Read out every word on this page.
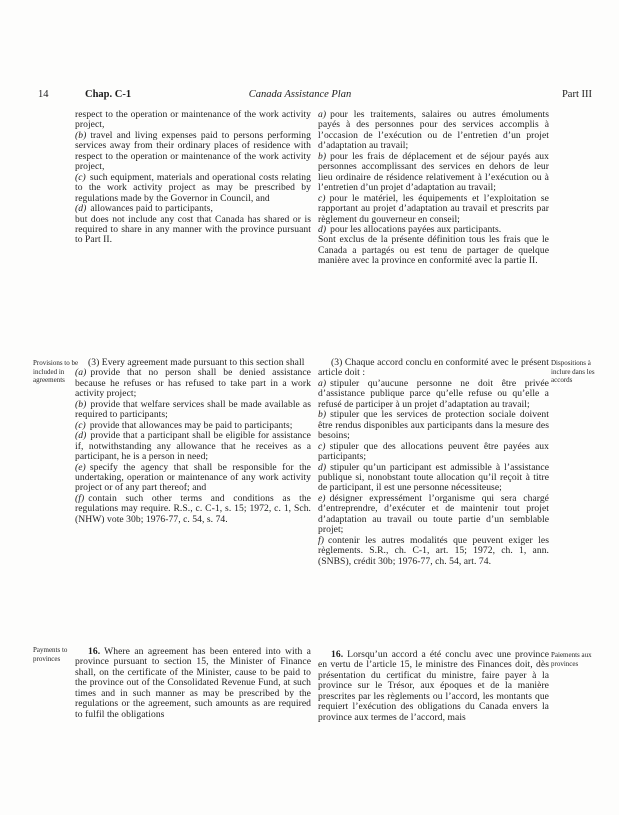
14	Chap. C-1	Canada Assistance Plan	Part III
Provisions to be included in agreements
Payments to provinces
Dispositions à inclure dans les accords
Paiements aux provinces

respect to the operation or maintenance of the work activity project,

(b) travel and living expenses paid to persons performing services away from their ordinary places of residence with respect to the operation or maintenance of the work activity project,

(c) such equipment, materials and operational costs relating to the work activity project as may be prescribed by regulations made by the Governor in Council, and

(d) allowances paid to participants,

but does not include any cost that Canada has shared or is required to share in any manner with the province pursuant to Part II.

a) pour les traitements, salaires ou autres émoluments payés à des personnes pour des services accomplis à l’occasion de l’exécution ou de l’entretien d’un projet d’adaptation au travail;

b) pour les frais de déplacement et de séjour payés aux personnes accomplissant des services en dehors de leur lieu ordinaire de résidence relativement à l’exécution ou à l’entretien d’un projet d’adaptation au travail;

c) pour le matériel, les équipements et l’exploitation se rapportant au projet d’adaptation au travail et prescrits par règlement du gouverneur en conseil;

d) pour les allocations payées aux participants.

Sont exclus de la présente définition tous les frais que le Canada a partagés ou est tenu de partager de quelque manière avec la province en conformité avec la partie II.

(3) Every agreement made pursuant to this section shall

(a) provide that no person shall be denied assistance because he refuses or has refused to take part in a work activity project;

(b) provide that welfare services shall be made available as required to participants;

(c) provide that allowances may be paid to participants;

(d) provide that a participant shall be eligible for assistance if, notwithstanding any allowance that he receives as a participant, he is a person in need;

(e) specify the agency that shall be responsible for the undertaking, operation or maintenance of any work activity project or of any part thereof; and

(f) contain such other terms and conditions as the regulations may require. R.S., c. C-1, s. 15; 1972, c. 1, Sch. (NHW) vote 30b; 1976-77, c. 54, s. 74.

(3) Chaque accord conclu en conformité avec le présent article doit :

a) stipuler qu’aucune personne ne doit être privée d’assistance publique parce qu’elle refuse ou qu’elle a refusé de participer à un projet d’adaptation au travail;

b) stipuler que les services de protection sociale doivent être rendus disponibles aux participants dans la mesure des besoins;

c) stipuler que des allocations peuvent être payées aux participants;

d) stipuler qu’un participant est admissible à l’assistance publique si, nonobstant toute allocation qu’il reçoit à titre de participant, il est une personne nécessiteuse;

e) désigner expressément l’organisme qui sera chargé d’entreprendre, d’exécuter et de maintenir tout projet d’adaptation au travail ou toute partie d’un semblable projet;

f) contenir les autres modalités que peuvent exiger les règlements. S.R., ch. C-1, art. 15; 1972, ch. 1, ann. (SNBS), crédit 30b; 1976-77, ch. 54, art. 74.

16. Where an agreement has been entered into with a province pursuant to section 15, the Minister of Finance shall, on the certificate of the Minister, cause to be paid to the province out of the Consolidated Revenue Fund, at such times and in such manner as may be prescribed by the regulations or the agreement, such amounts as are required to fulfil the obligations

16. Lorsqu’un accord a été conclu avec une province en vertu de l’article 15, le ministre des Finances doit, dès présentation du certificat du ministre, faire payer à la province sur le Trésor, aux époques et de la manière prescrites par les règlements ou l’accord, les montants que requiert l’exécution des obligations du Canada envers la province aux termes de l’accord, mais
